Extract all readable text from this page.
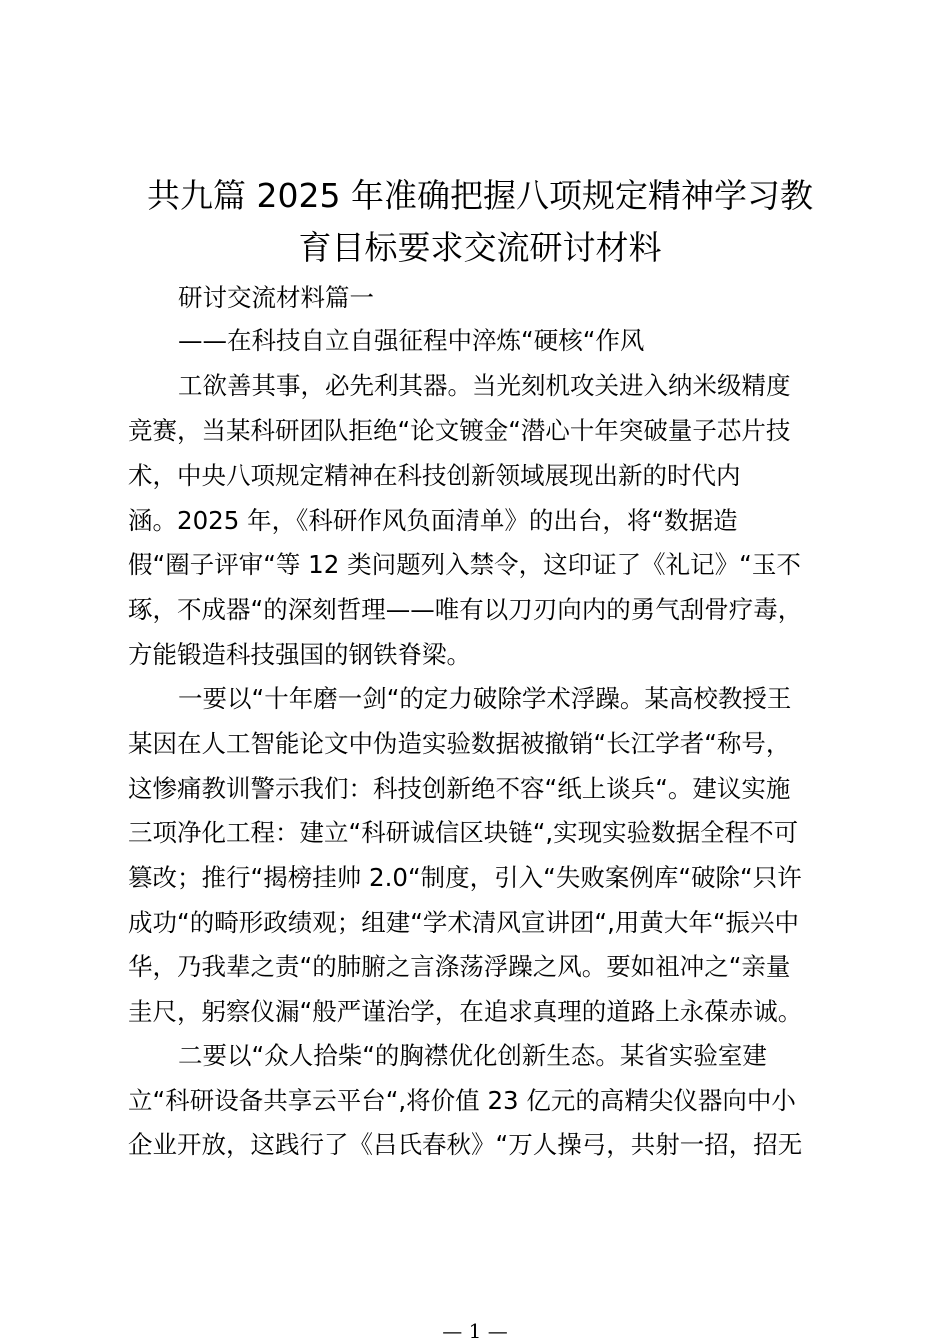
共九篇 2025 年准确把握八项规定精神学习教
育目标要求交流研讨材料

研讨交流材料篇一

——在科技自立自强征程中淬炼“硬核“作风

工欲善其事，必先利其器。当光刻机攻关进入纳米级精度

竞赛，当某科研团队拒绝“论文镀金“潜心十年突破量子芯片技

术，中央八项规定精神在科技创新领域展现出新的时代内

涵。2025 年，《科研作风负面清单》的出台，将“数据造

假“圈子评审“等 12 类问题列入禁令，这印证了《礼记》“玉不

琢，不成器“的深刻哲理——唯有以刀刃向内的勇气刮骨疗毒，

方能锻造科技强国的钢铁脊梁。

一要以“十年磨一剑“的定力破除学术浮躁。某高校教授王

某因在人工智能论文中伪造实验数据被撤销“长江学者“称号，

这惨痛教训警示我们：科技创新绝不容“纸上谈兵“。建议实施

三项净化工程：建立“科研诚信区块链“,实现实验数据全程不可

篡改；推行“揭榜挂帅 2.0“制度，引入“失败案例库“破除“只许

成功“的畸形政绩观；组建“学术清风宣讲团“,用黄大年“振兴中

华，乃我辈之责“的肺腑之言涤荡浮躁之风。要如祖冲之“亲量

圭尺，躬察仪漏“般严谨治学，在追求真理的道路上永葆赤诚。

二要以“众人拾柴“的胸襟优化创新生态。某省实验室建

立“科研设备共享云平台“,将价值 23 亿元的高精尖仪器向中小

企业开放，这践行了《吕氏春秋》“万人操弓，共射一招，招无

— 1 —
